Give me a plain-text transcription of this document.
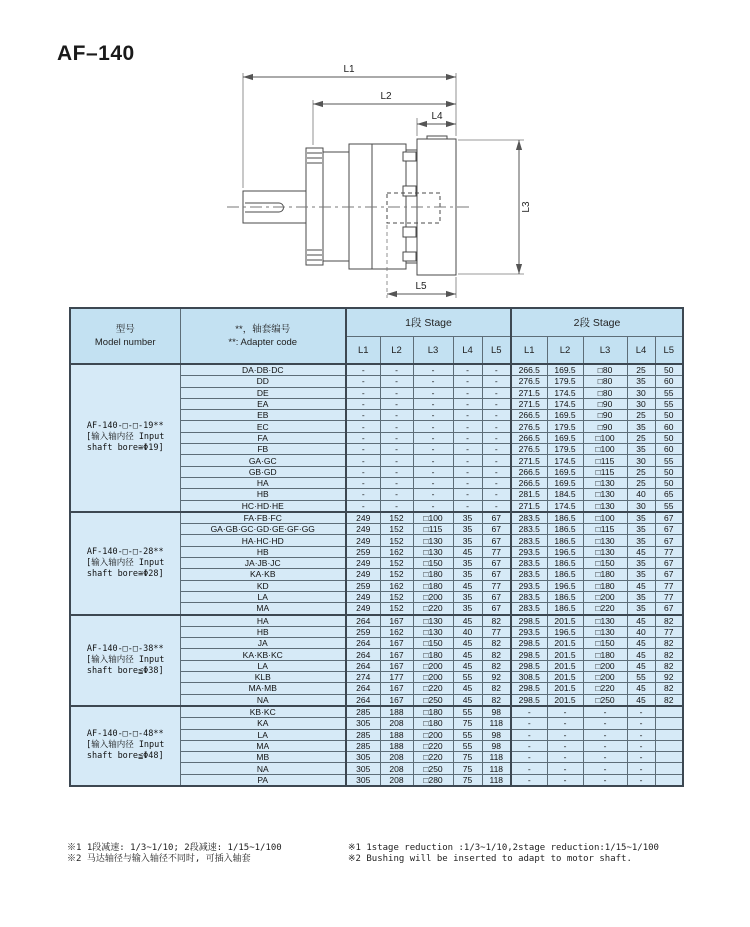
AF–140
L1
L2
L4
L3
L5
型号
Model number

**，轴套编号
**: Adapter code
	1段 Stage	2段 Stage
		L1	L2	L3	L4	L5	L1	L2	L3	L4	L5

AF-140-□-□-19**
[输入轴内径 Input
shaft bore≅Φ19]	DA·DB·DC	-	-	-	-	-	266.5	169.5	□80	25	50
	DD	-	-	-	-	-	276.5	179.5	□80	35	60
	DE	-	-	-	-	-	271.5	174.5	□80	30	55
	EA	-	-	-	-	-	271.5	174.5	□90	30	55
	EB	-	-	-	-	-	266.5	169.5	□90	25	50
	EC	-	-	-	-	-	276.5	179.5	□90	35	60
	FA	-	-	-	-	-	266.5	169.5	□100	25	50
	FB	-	-	-	-	-	276.5	179.5	□100	35	60
	GA·GC	-	-	-	-	-	271.5	174.5	□115	30	55
	GB·GD	-	-	-	-	-	266.5	169.5	□115	25	50
	HA	-	-	-	-	-	266.5	169.5	□130	25	50
	HB	-	-	-	-	-	281.5	184.5	□130	40	65
	HC·HD·HE	-	-	-	-	-	271.5	174.5	□130	30	55

AF-140-□-□-28**
[输入轴内径 Input
shaft bore≅Φ28]	FA·FB·FC	249	152	□100	35	67	283.5	186.5	□100	35	67
	GA·GB·GC·GD·GE·GF·GG	249	152	□115	35	67	283.5	186.5	□115	35	67
	HA·HC·HD	249	152	□130	35	67	283.5	186.5	□130	35	67
	HB	259	162	□130	45	77	293.5	196.5	□130	45	77
	JA·JB·JC	249	152	□150	35	67	283.5	186.5	□150	35	67
	KA·KB	249	152	□180	35	67	283.5	186.5	□180	35	67
	KD	259	162	□180	45	77	293.5	196.5	□180	45	77
	LA	249	152	□200	35	67	283.5	186.5	□200	35	77
	MA	249	152	□220	35	67	283.5	186.5	□220	35	67

AF-140-□-□-38**
[输入轴内径 Input
shaft bore≦Φ38]	HA	264	167	□130	45	82	298.5	201.5	□130	45	82
	HB	259	162	□130	40	77	293.5	196.5	□130	40	77
	JA	264	167	□150	45	82	298.5	201.5	□150	45	82
	KA·KB·KC	264	167	□180	45	82	298.5	201.5	□180	45	82
	LA	264	167	□200	45	82	298.5	201.5	□200	45	82
	KLB	274	177	□200	55	92	308.5	201.5	□200	55	92
	MA·MB	264	167	□220	45	82	298.5	201.5	□220	45	82
	NA	264	167	□250	45	82	298.5	201.5	□250	45	82

AF-140-□-□-48**
[输入轴内径 Input
shaft bore≦Φ48]	KB·KC	285	188	□180	55	98	-	-	-	-	
	KA	305	208	□180	75	118	-	-	-	-	
	LA	285	188	□200	55	98	-	-	-	-	
	MA	285	188	□220	55	98	-	-	-	-	
	MB	305	208	□220	75	118	-	-	-	-	
	NA	305	208	□250	75	118	-	-	-	-	
	PA	305	208	□280	75	118	-	-	-	-	
※1 1段减速: 1/3~1/10; 2段减速: 1/15~1/100
※2 马达轴径与输入轴径不同时, 可插入轴套
※1 1stage reduction :1/3~1/10,2stage reduction:1/15~1/100
※2 Bushing will be inserted to adapt to motor shaft.
